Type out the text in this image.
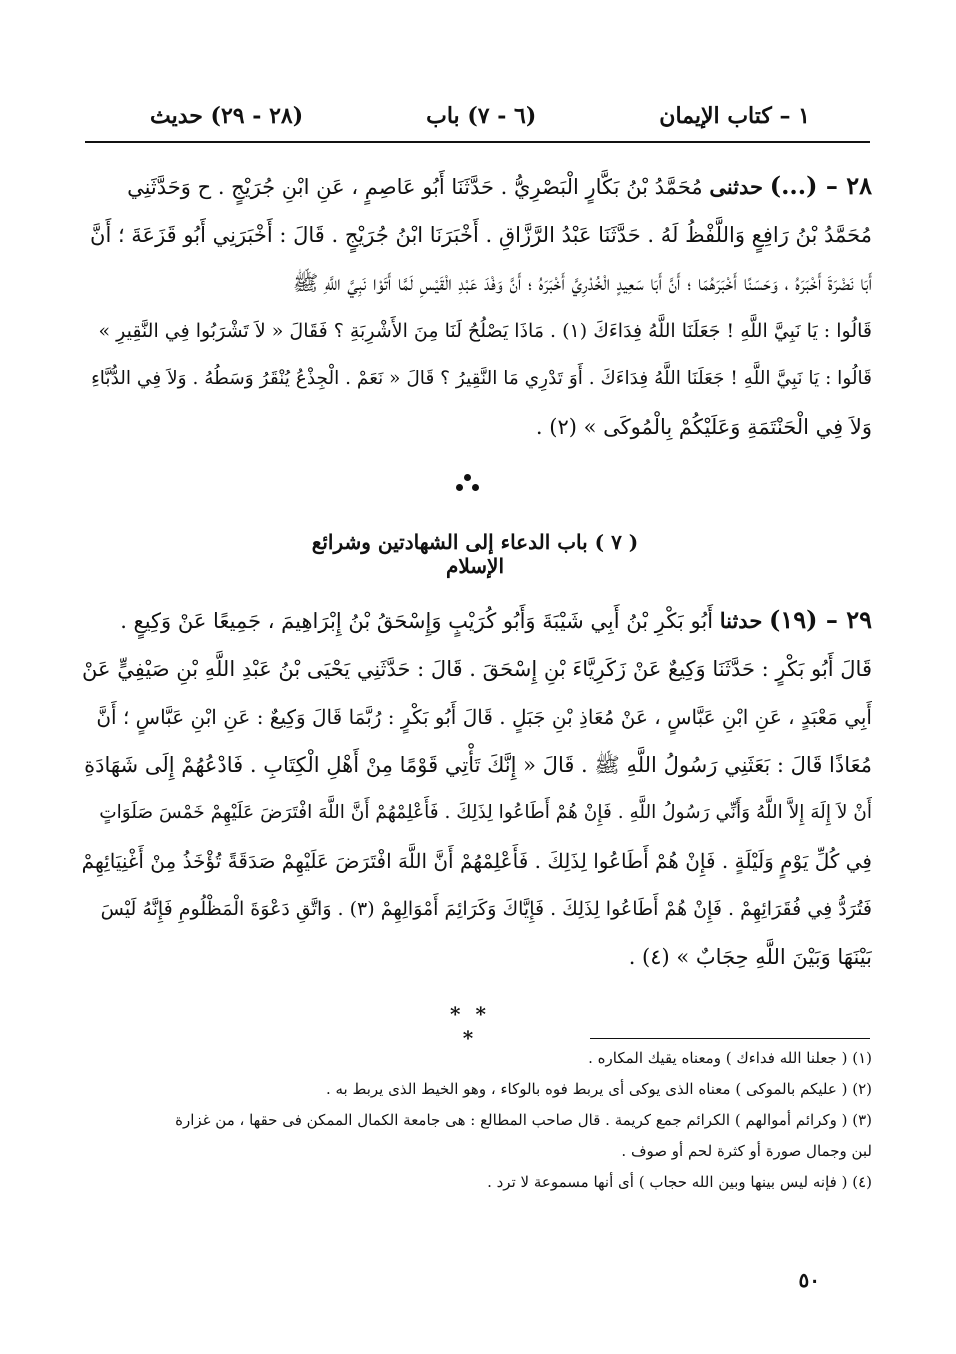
١ – كتاب الإيمان
(٦ - ٧) باب
(٢٨ - ٢٩) حديث
٢٨ – (...) حدثنى مُحَمَّدُ بْنُ بَكَّارٍ الْبَصْرِيُّ . حَدَّثَنَا أَبُو عَاصِمٍ ، عَنِ ابْنِ جُرَيْجٍ . ح وَحَدَّثَنِي
مُحَمَّدُ بْنُ رَافِعٍ وَاللَّفْظُ لَهُ . حَدَّثَنَا عَبْدُ الرَّزَّاقِ . أَخْبَرَنَا ابْنُ جُرَيْجٍ . قَالَ : أَخْبَرَنِي أَبُو قَزَعَةَ ؛ أَنَّ
أَبَا نَضْرَةَ أَخْبَرَهُ ، وَحَسَنًا أَخْبَرَهُمَا ؛ أَنَّ أَبَا سَعِيدٍ الْخُدْرِيَّ أَخْبَرَهُ ؛ أَنَّ وَفْدَ عَبْدِ الْقَيْسِ لَمَّا أَتَوْا نَبِيَّ اللَّهِ ﷺ
قَالُوا : يَا نَبِيَّ اللَّهِ ! جَعَلَنَا اللَّهُ فِدَاءَكَ (١) . مَاذَا يَصْلُحُ لَنَا مِنَ الأَشْرِبَةِ ؟ فَقَالَ « لاَ تَشْرَبُوا فِي النَّقِيرِ »
قَالُوا : يَا نَبِيَّ اللَّهِ ! جَعَلَنَا اللَّهُ فِدَاءَكَ . أَوَ تَدْرِي مَا النَّقِيرُ ؟ قَالَ « نَعَمْ . الْجِذْعُ يُنْقَرُ وَسَطُهُ . وَلاَ فِي الدُّبَّاءِ
وَلاَ فِي الْحَنْتَمَةِ وَعَلَيْكُمْ بِالْمُوكَى » (٢) .
( ٧ ) باب الدعاء إلى الشهادتين وشرائع الإسلام
٢٩ – (١٩) حدثنا أَبُو بَكْرِ بْنُ أَبِي شَيْبَةَ وَأَبُو كُرَيْبٍ وَإِسْحَقُ بْنُ إِبْرَاهِيمَ ، جَمِيعًا عَنْ وَكِيعٍ .
قَالَ أَبُو بَكْرٍ : حَدَّثَنَا وَكِيعٌ عَنْ زَكَرِيَّاءَ بْنِ إِسْحَقَ . قَالَ : حَدَّثَنِي يَحْيَى بْنُ عَبْدِ اللَّهِ بْنِ صَيْفِيٍّ عَنْ
أَبِي مَعْبَدٍ ، عَنِ ابْنِ عَبَّاسٍ ، عَنْ مُعَاذِ بْنِ جَبَلٍ . قَالَ أَبُو بَكْرٍ : رُبَّمَا قَالَ وَكِيعٌ : عَنِ ابْنِ عَبَّاسٍ ؛ أَنَّ
مُعَاذًا قَالَ : بَعَثَنِي رَسُولُ اللَّهِ ﷺ . قَالَ « إِنَّكَ تَأْتِي قَوْمًا مِنْ أَهْلِ الْكِتَابِ . فَادْعُهُمْ إِلَى شَهَادَةِ
أَنْ لاَ إِلَهَ إِلاَّ اللَّهُ وَأَنِّي رَسُولُ اللَّهِ . فَإِنْ هُمْ أَطَاعُوا لِذَلِكَ . فَأَعْلِمْهُمْ أَنَّ اللَّهَ افْتَرَضَ عَلَيْهِمْ خَمْسَ صَلَوَاتٍ
فِي كُلِّ يَوْمٍ وَلَيْلَةٍ . فَإِنْ هُمْ أَطَاعُوا لِذَلِكَ . فَأَعْلِمْهُمْ أَنَّ اللَّهَ افْتَرَضَ عَلَيْهِمْ صَدَقَةً تُؤْخَذُ مِنْ أَغْنِيَائِهِمْ
فَتُرَدُّ فِي فُقَرَائِهِمْ . فَإِنْ هُمْ أَطَاعُوا لِذَلِكَ . فَإِيَّاكَ وَكَرَائِمَ أَمْوَالِهِمْ (٣) . وَاتَّقِ دَعْوَةَ الْمَظْلُومِ فَإِنَّهُ لَيْسَ
بَيْنَهَا وَبَيْنَ اللَّهِ حِجَابٌ » (٤) .
* * *
(١) ( جعلنا الله فداءك ) ومعناه يقيك المكاره .
(٢) ( عليكم بالموكى ) معناه الذى يوكى أى يربط فوه بالوكاء ، وهو الخيط الذى يربط به .
(٣) ( وكرائم أموالهم ) الكرائم جمع كريمة . قال صاحب المطالع : هى جامعة الكمال الممكن فى حقها ، من غزارة
لبن وجمال صورة أو كثرة لحم أو صوف .
(٤) ( فإنه ليس بينها وبين الله حجاب ) أى أنها مسموعة لا ترد .
٥٠
